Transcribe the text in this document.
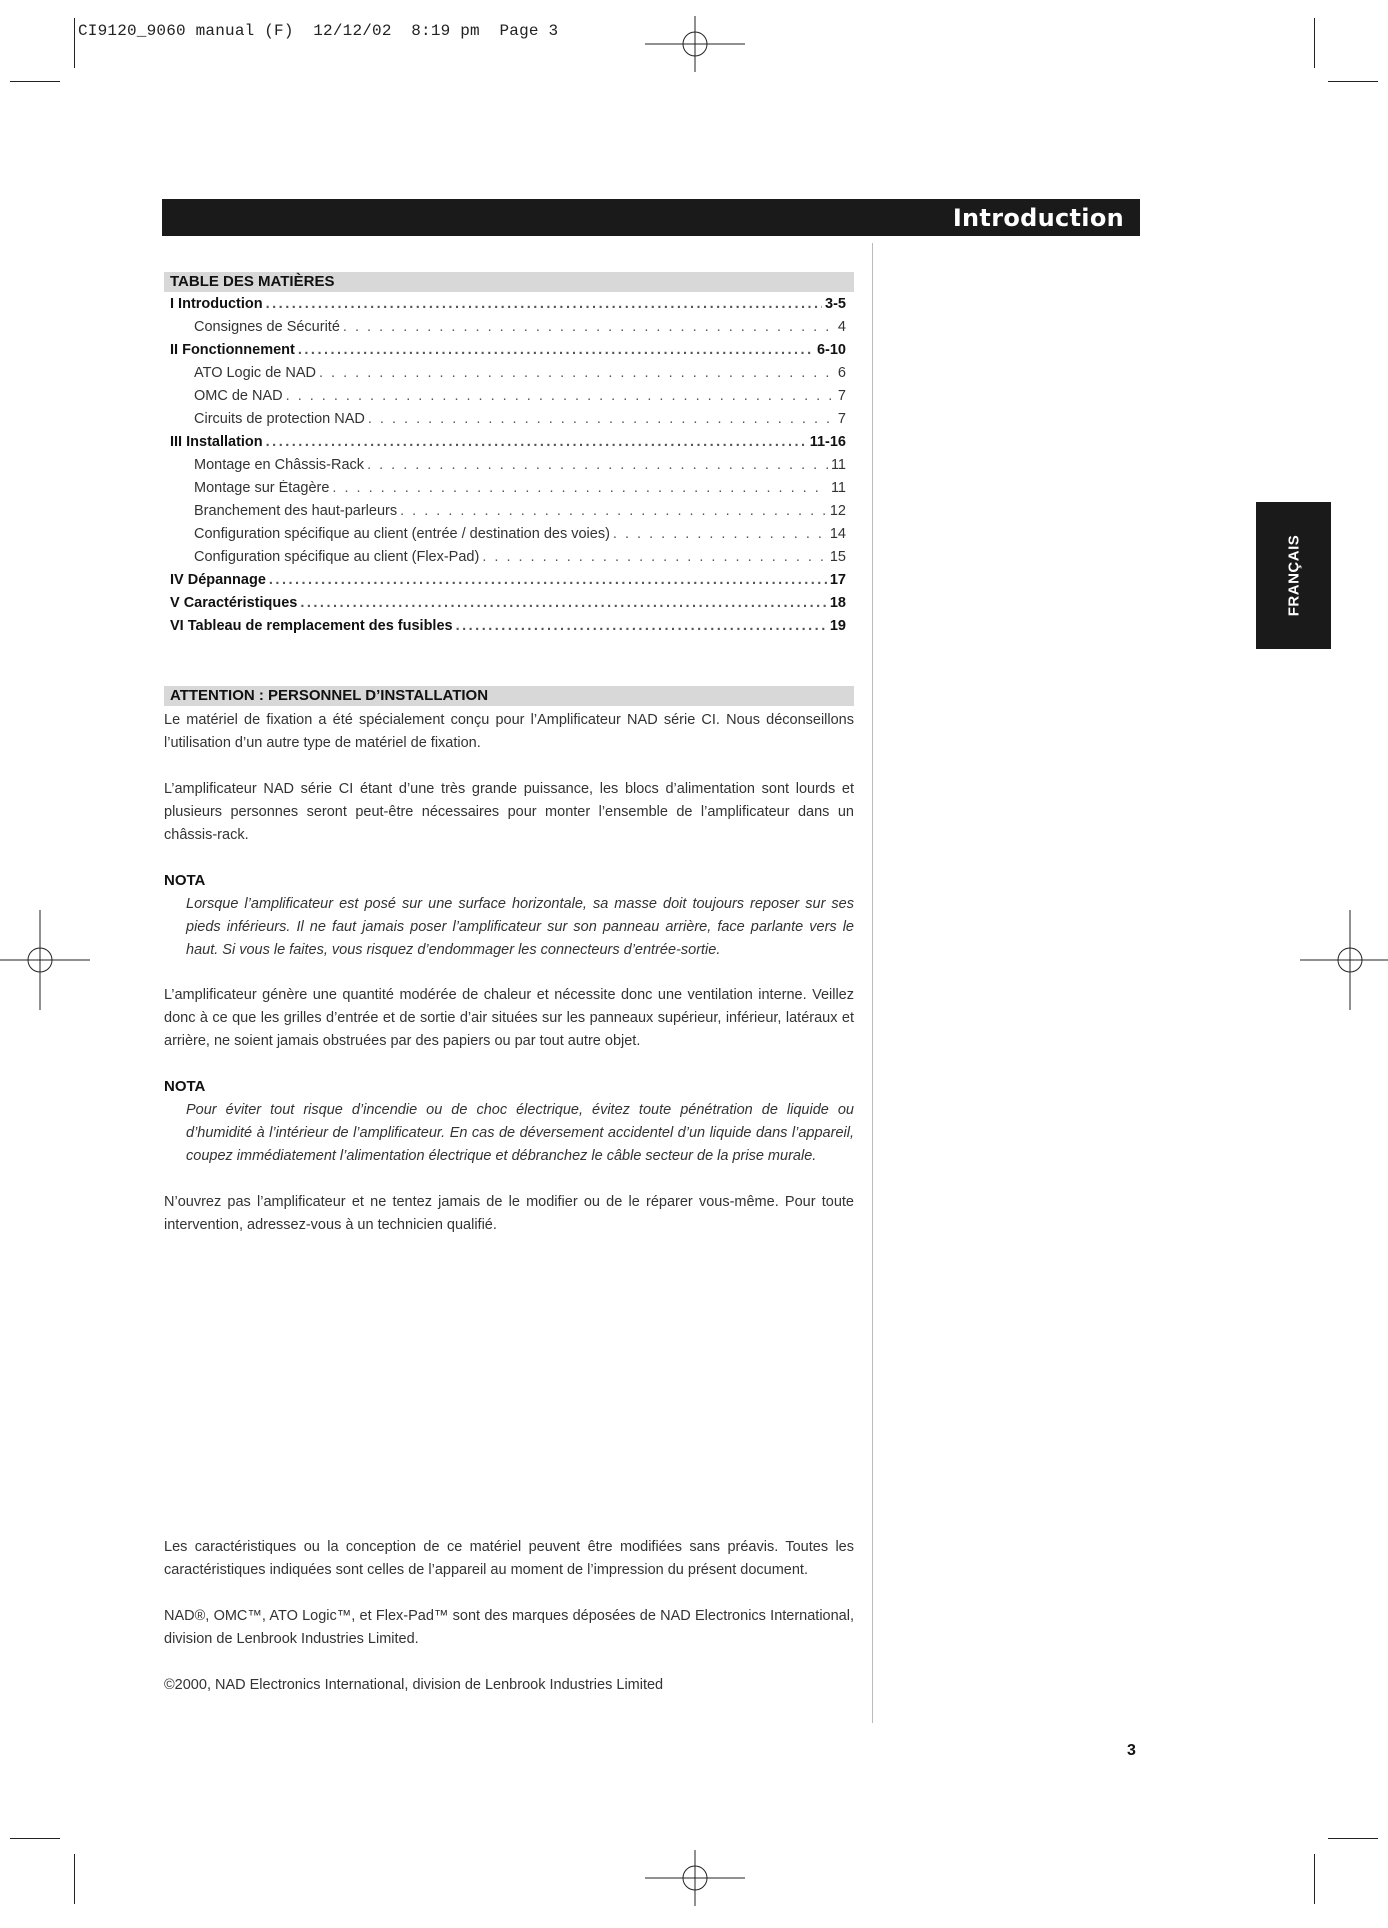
CI9120_9060 manual (F)  12/12/02  8:19 pm  Page 3
Introduction
TABLE DES MATIÈRES
I Introduction .....	3-5
Consignes de Sécurité . . .	4
II Fonctionnement .....	6-10
ATO Logic de NAD . . .	6
OMC de NAD . . .	7
Circuits de protection NAD . . .	7
III Installation .....	11-16
Montage en Châssis-Rack . . .	11
Montage sur Étagère . . .	11
Branchement des haut-parleurs . . .	12
Configuration spécifique au client (entrée / destination des voies) . . .	14
Configuration spécifique au client (Flex-Pad) . . .	15
IV Dépannage .....	17
V Caractéristiques .....	18
VI Tableau de remplacement des fusibles .....	19
ATTENTION : PERSONNEL D’INSTALLATION

Le matériel de fixation a été spécialement conçu pour l’Amplificateur NAD série CI. Nous déconseillons l’utilisation d’un autre type de matériel de fixation.

L’amplificateur NAD série CI étant d’une très grande puissance, les blocs d’alimentation sont lourds et plusieurs personnes seront peut-être nécessaires pour monter l’ensemble de l’amplificateur dans un châssis-rack.

NOTA

Lorsque l’amplificateur est posé sur une surface horizontale, sa masse doit toujours reposer sur ses pieds inférieurs. Il ne faut jamais poser l’amplificateur sur son panneau arrière, face parlante vers le haut. Si vous le faites, vous risquez d’endommager les connecteurs d’entrée-sortie.

L’amplificateur génère une quantité modérée de chaleur et nécessite donc une ventilation interne. Veillez donc à ce que les grilles d’entrée et de sortie d’air situées sur les panneaux supérieur, inférieur, latéraux et arrière, ne soient jamais obstruées par des papiers ou par tout autre objet.

NOTA

Pour éviter tout risque d’incendie ou de choc électrique, évitez toute pénétration de liquide ou d’humidité à l’intérieur de l’amplificateur. En cas de déversement accidentel d’un liquide dans l’appareil, coupez immédiatement l’alimentation électrique et débranchez le câble secteur de la prise murale.

N’ouvrez pas l’amplificateur et ne tentez jamais de le modifier ou de le réparer vous-même. Pour toute intervention, adressez-vous à un technicien qualifié.

Les caractéristiques ou la conception de ce matériel peuvent être modifiées sans préavis. Toutes les caractéristiques indiquées sont celles de l’appareil au moment de l’impression du présent document.

NAD®, OMC™, ATO Logic™, et Flex-Pad™ sont des marques déposées de NAD Electronics International, division de Lenbrook Industries Limited.

©2000, NAD Electronics International, division de Lenbrook Industries Limited

FRANÇAIS
3
